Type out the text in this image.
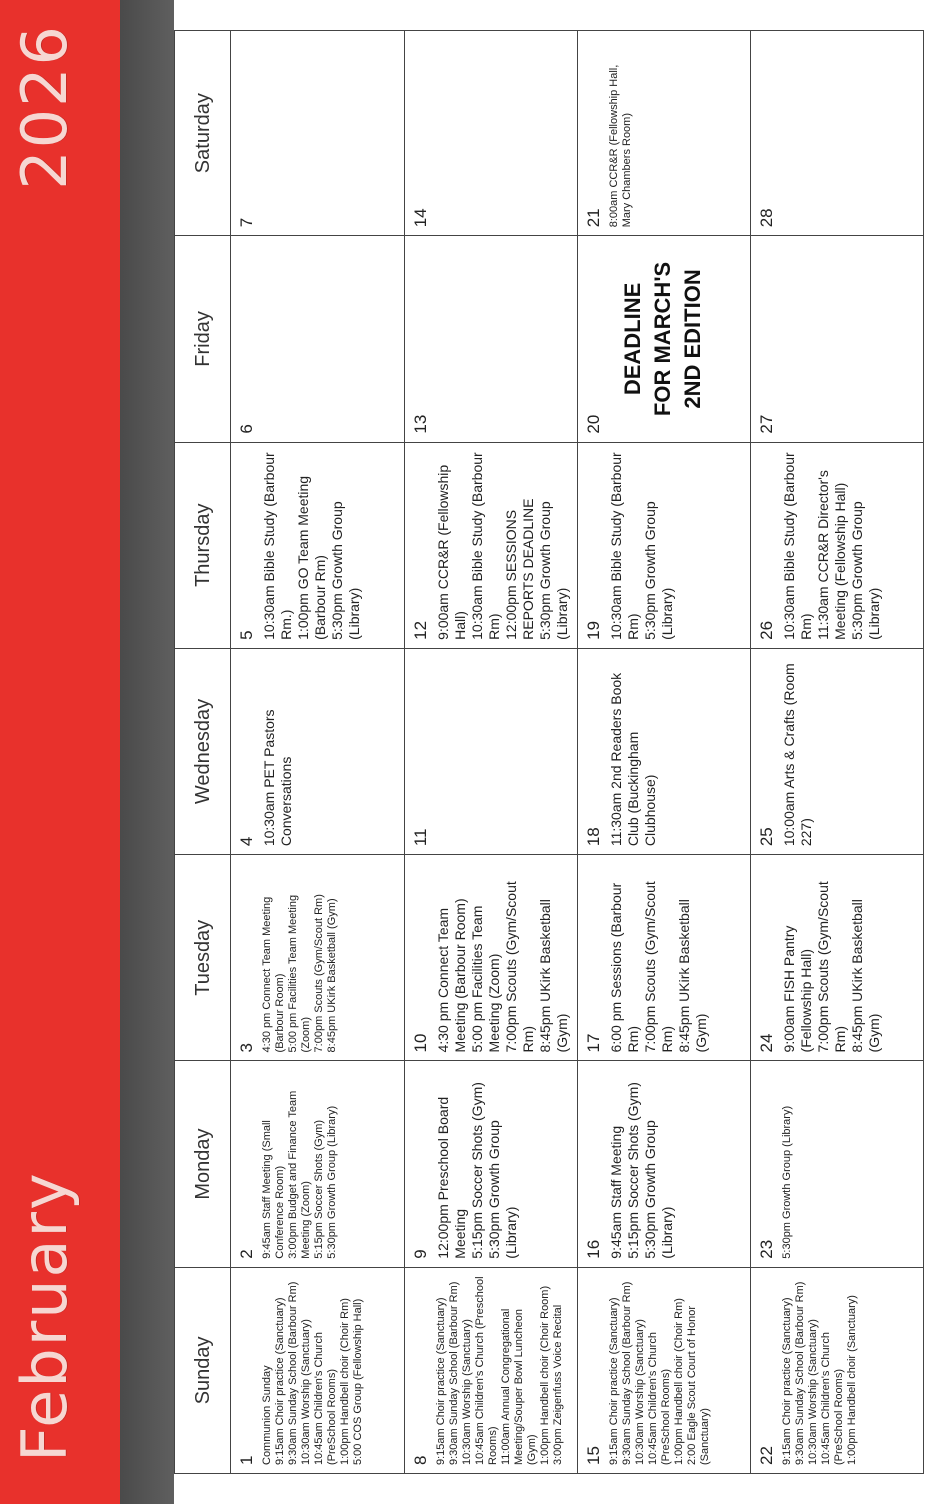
February
2026
Sunday
Monday
Tuesday
Wednesday
Thursday
Friday
Saturday
1 Communion Sunday 9:15am Choir practice (Sanctuary) 9:30am Sunday School (Barbour Rm) 10:30am Worship (Sanctuary) 10:45am Children's Church (PreSchool Rooms) 1:00pm Handbell choir (Choir Rm) 5:00 COS Group (Fellowship Hall)
2 9:45am Staff Meeting (Small Conference Room) 3:00pm Budget and Finance Team Meeting (Zoom) 5:15pm Soccer Shots (Gym) 5:30pm Growth Group (Library)
3 4:30 pm Connect Team Meeting (Barbour Room) 5:00 pm Facilities Team Meeting (Zoom) 7:00pm Scouts (Gym/Scout Rm) 8:45pm UKirk Basketball (Gym)
4 10:30am PET Pastors Conversations
5 10:30am Bible Study (Barbour Rm.) 1:00pm GO Team Meeting (Barbour Rm) 5:30pm Growth Group (Library)
6
7
8 9:15am Choir practice (Sanctuary) 9:30am Sunday School (Barbour Rm) 10:30am Worship (Sanctuary) 10:45am Children's Church (Preschool Rooms) 11:00am Annual Congregational Meeting/Souper Bowl Luncheon (Gym) 1:00pm Handbell choir (Choir Room) 3:00pm Zeigenfuss Voice Recital
9 12:00pm Preschool Board Meeting 5:15pm Soccer Shots (Gym) 5:30pm Growth Group (Library)
10 4:30 pm Connect Team Meeting (Barbour Room) 5:00 pm Facilities Team Meeting (Zoom) 7:00pm Scouts (Gym/Scout Rm) 8:45pm UKirk Basketball (Gym)
11
12 9:00am CCR&R (Fellowship Hall) 10:30am Bible Study (Barbour Rm) 12:00pm SESSIONS REPORTS DEADLINE 5:30pm Growth Group (Library)
13
14
15 9:15am Choir practice (Sanctuary) 9:30am Sunday School (Barbour Rm) 10:30am Worship (Sanctuary) 10:45am Children's Church (PreSchool Rooms) 1:00pm Handbell choir (Choir Rm) 2:00 Eagle Scout Court of Honor (Sanctuary)
16 9:45am Staff Meeting 5:15pm Soccer Shots (Gym) 5:30pm Growth Group (Library)
17 6:00 pm Sessions (Barbour Rm) 7:00pm Scouts (Gym/Scout Rm) 8:45pm UKirk Basketball (Gym)
18 11:30am 2nd Readers Book Club (Buckingham Clubhouse)
19 10:30am Bible Study (Barbour Rm) 5:30pm Growth Group (Library)
20
DEADLINE FOR MARCH'S 2ND EDITION
21 8:00am CCR&R (Fellowship Hall, Mary Chambers Room)
22 9:15am Choir practice (Sanctuary) 9:30am Sunday School (Barbour Rm) 10:30am Worship (Sanctuary) 10:45am Children's Church (PreSchool Rooms) 1:00pm Handbell choir (Sanctuary)
23 5:30pm Growth Group (Library)
24 9:00am FISH Pantry (Fellowship Hall) 7:00pm Scouts (Gym/Scout Rm) 8:45pm UKirk Basketball (Gym)
25 10:00am Arts & Crafts (Room 227)
26 10:30am Bible Study (Barbour Rm) 11:30am CCR&R Director's Meeting (Fellowship Hall) 5:30pm Growth Group (Library)
27
28
